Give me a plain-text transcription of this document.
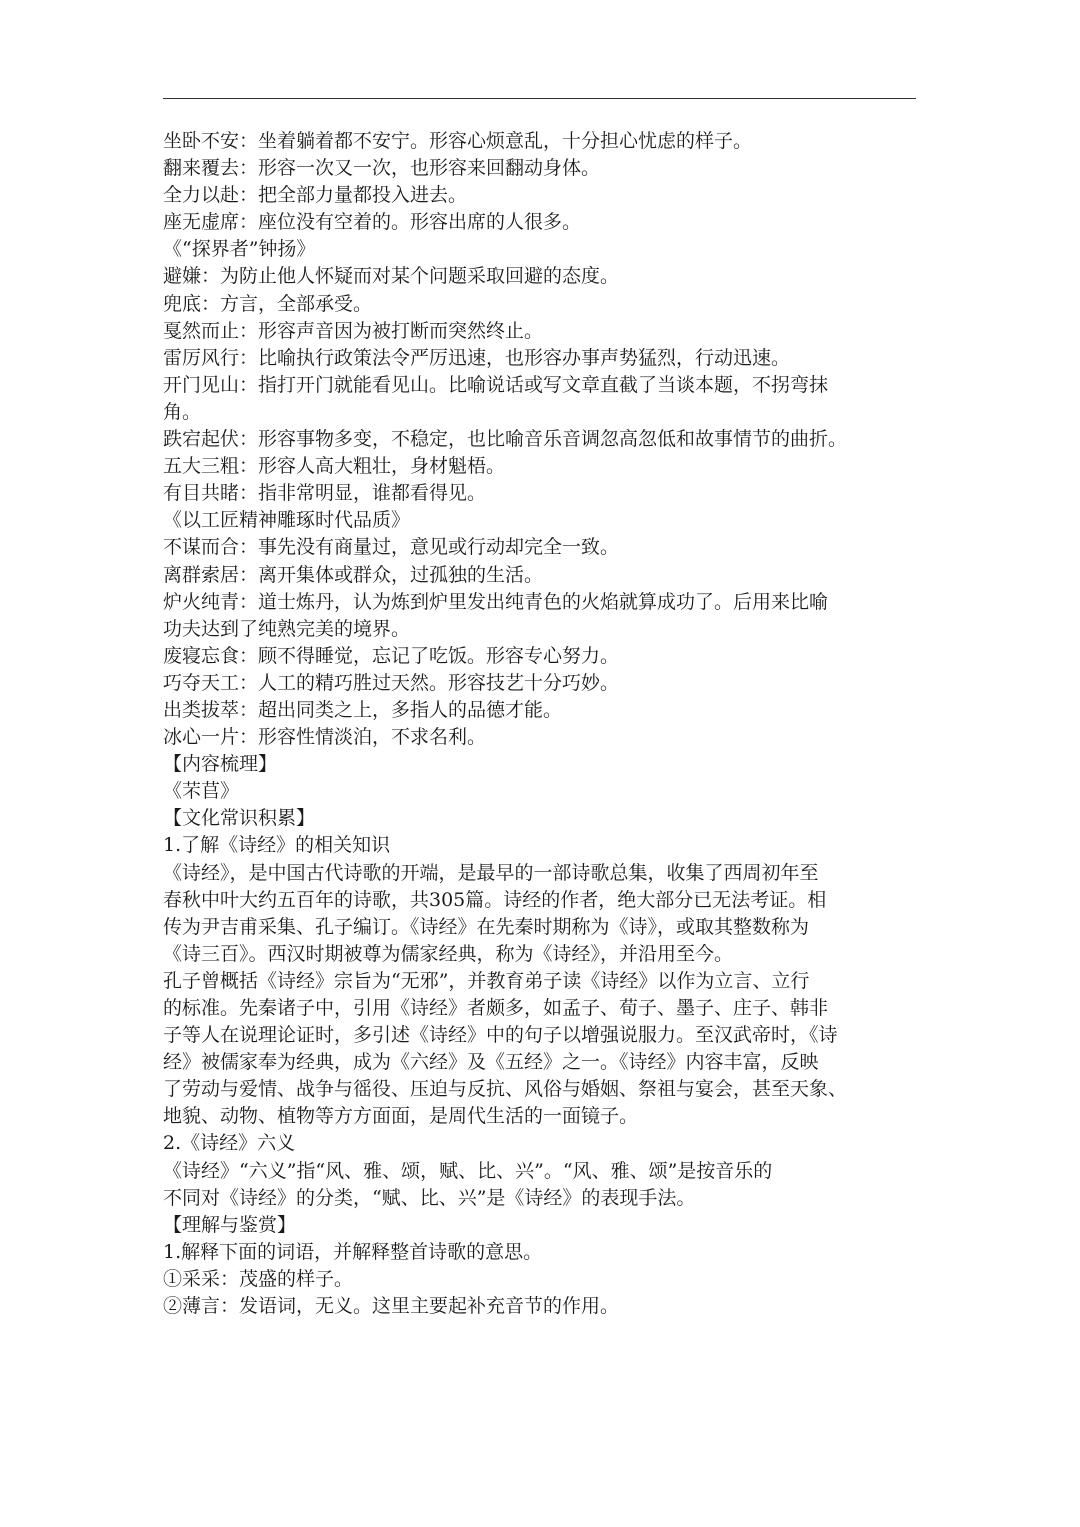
坐卧不安：坐着躺着都不安宁。形容心烦意乱，十分担心忧虑的样子。
翻来覆去：形容一次又一次，也形容来回翻动身体。
全力以赴：把全部力量都投入进去。
座无虚席：座位没有空着的。形容出席的人很多。
《“探界者”钟扬》
避嫌：为防止他人怀疑而对某个问题采取回避的态度。
兜底：方言，全部承受。
戛然而止：形容声音因为被打断而突然终止。
雷厉风行：比喻执行政策法令严厉迅速，也形容办事声势猛烈，行动迅速。
开门见山：指打开门就能看见山。比喻说话或写文章直截了当谈本题，不拐弯抹
角。
跌宕起伏：形容事物多变，不稳定，也比喻音乐音调忽高忽低和故事情节的曲折。
五大三粗：形容人高大粗壮，身材魁梧。
有目共睹：指非常明显，谁都看得见。
《以工匠精神雕琢时代品质》
不谋而合：事先没有商量过，意见或行动却完全一致。
离群索居：离开集体或群众，过孤独的生活。
炉火纯青：道士炼丹，认为炼到炉里发出纯青色的火焰就算成功了。后用来比喻
功夫达到了纯熟完美的境界。
废寝忘食：顾不得睡觉，忘记了吃饭。形容专心努力。
巧夺天工：人工的精巧胜过天然。形容技艺十分巧妙。
出类拔萃：超出同类之上，多指人的品德才能。
冰心一片：形容性情淡泊，不求名利。
【内容梳理】
《芣苢》
【文化常识积累】
1.了解《诗经》的相关知识
《诗经》，是中国古代诗歌的开端，是最早的一部诗歌总集，收集了西周初年至
春秋中叶大约五百年的诗歌，共305篇。诗经的作者，绝大部分已无法考证。相
传为尹吉甫采集、孔子编订。《诗经》在先秦时期称为《诗》，或取其整数称为
《诗三百》。西汉时期被尊为儒家经典，称为《诗经》，并沿用至今。
孔子曾概括《诗经》宗旨为“无邪”，并教育弟子读《诗经》以作为立言、立行
的标准。先秦诸子中，引用《诗经》者颇多，如孟子、荀子、墨子、庄子、韩非
子等人在说理论证时，多引述《诗经》中的句子以增强说服力。至汉武帝时，《诗
经》被儒家奉为经典，成为《六经》及《五经》之一。《诗经》内容丰富，反映
了劳动与爱情、战争与徭役、压迫与反抗、风俗与婚姻、祭祖与宴会，甚至天象、
地貌、动物、植物等方方面面，是周代生活的一面镜子。
2.《诗经》六义
《诗经》“六义”指“风、雅、颂，赋、比、兴”。“风、雅、颂”是按音乐的
不同对《诗经》的分类，“赋、比、兴”是《诗经》的表现手法。
【理解与鉴赏】
1.解释下面的词语，并解释整首诗歌的意思。
①采采：茂盛的样子。
②薄言：发语词，无义。这里主要起补充音节的作用。
